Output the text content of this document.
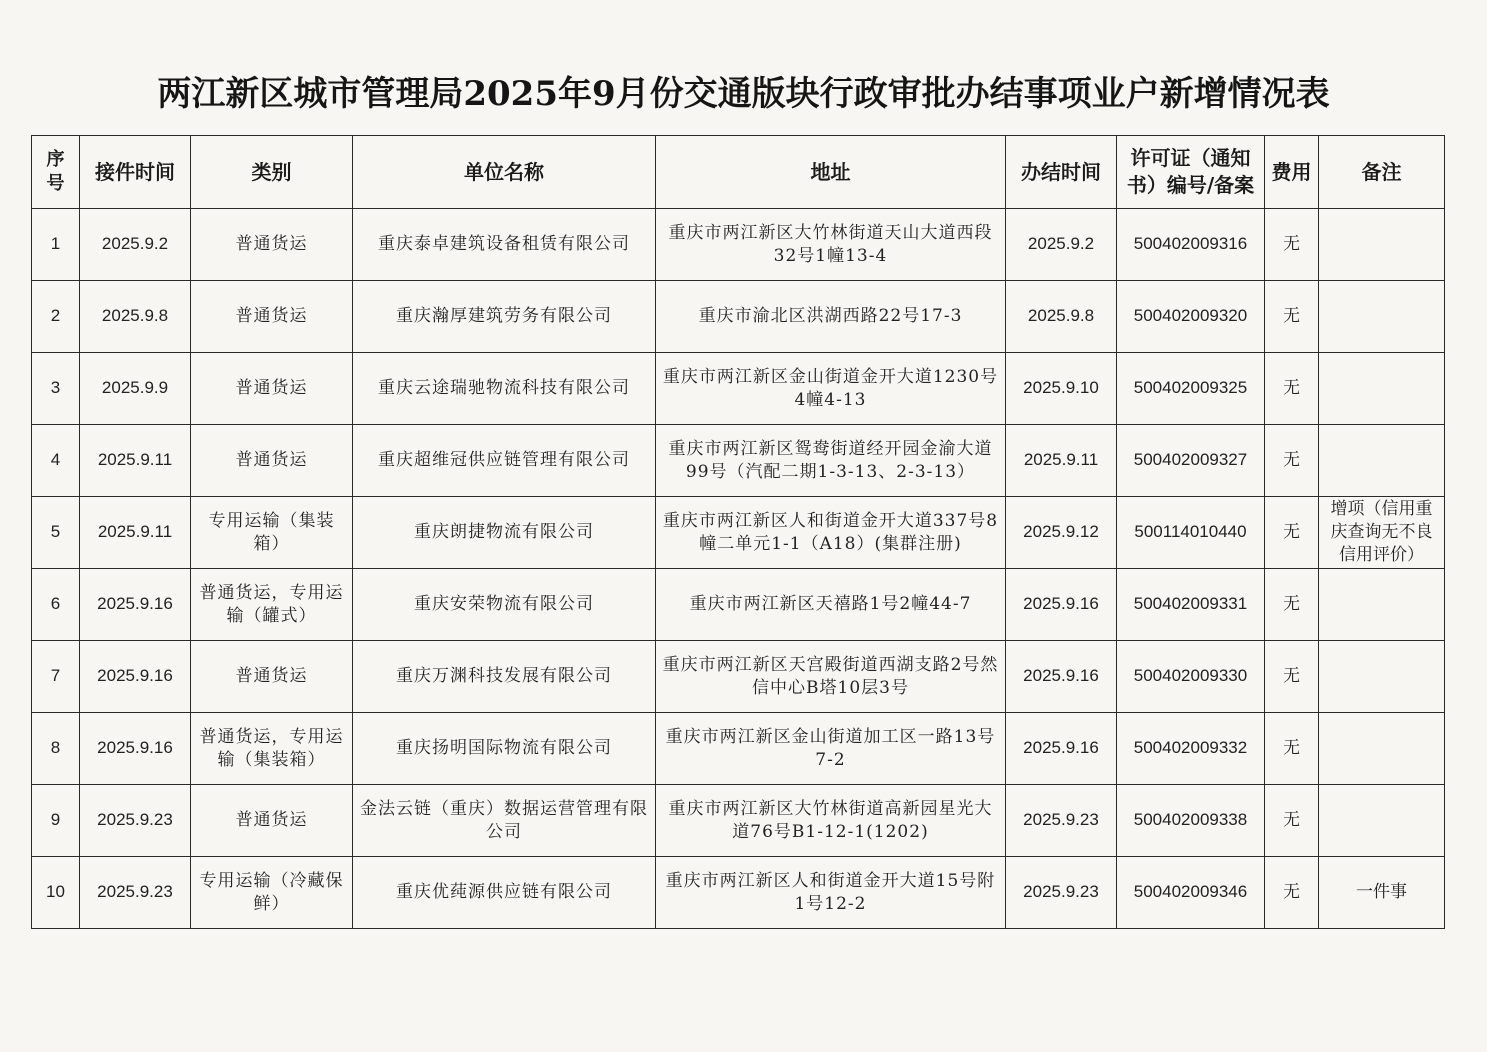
两江新区城市管理局2025年9月份交通版块行政审批办结事项业户新增情况表
序号	接件时间	类别	单位名称	地址	办结时间	许可证（通知书）编号/备案	费用	备注
1	2025.9.2	普通货运	重庆泰卓建筑设备租赁有限公司	重庆市两江新区大竹林街道天山大道西段32号1幢13-4	2025.9.2	500402009316	无	
2	2025.9.8	普通货运	重庆瀚厚建筑劳务有限公司	重庆市渝北区洪湖西路22号17-3	2025.9.8	500402009320	无	
3	2025.9.9	普通货运	重庆云途瑞驰物流科技有限公司	重庆市两江新区金山街道金开大道1230号4幢4-13	2025.9.10	500402009325	无	
4	2025.9.11	普通货运	重庆超维冠供应链管理有限公司	重庆市两江新区鸳鸯街道经开园金渝大道99号（汽配二期1-3-13、2-3-13）	2025.9.11	500402009327	无	
5	2025.9.11	专用运输（集装箱）	重庆朗捷物流有限公司	重庆市两江新区人和街道金开大道337号8幢二单元1-1（A18）(集群注册)	2025.9.12	500114010440	无	增项（信用重庆查询无不良信用评价）
6	2025.9.16	普通货运，专用运输（罐式）	重庆安荣物流有限公司	重庆市两江新区天禧路1号2幢44-7	2025.9.16	500402009331	无	
7	2025.9.16	普通货运	重庆万渊科技发展有限公司	重庆市两江新区天宫殿街道西湖支路2号然信中心B塔10层3号	2025.9.16	500402009330	无	
8	2025.9.16	普通货运，专用运输（集装箱）	重庆扬明国际物流有限公司	重庆市两江新区金山街道加工区一路13号7-2	2025.9.16	500402009332	无	
9	2025.9.23	普通货运	金法云链（重庆）数据运营管理有限公司	重庆市两江新区大竹林街道高新园星光大道76号B1-12-1(1202)	2025.9.23	500402009338	无	
10	2025.9.23	专用运输（冷藏保鲜）	重庆优莼源供应链有限公司	重庆市两江新区人和街道金开大道15号附1号12-2	2025.9.23	500402009346	无	一件事
